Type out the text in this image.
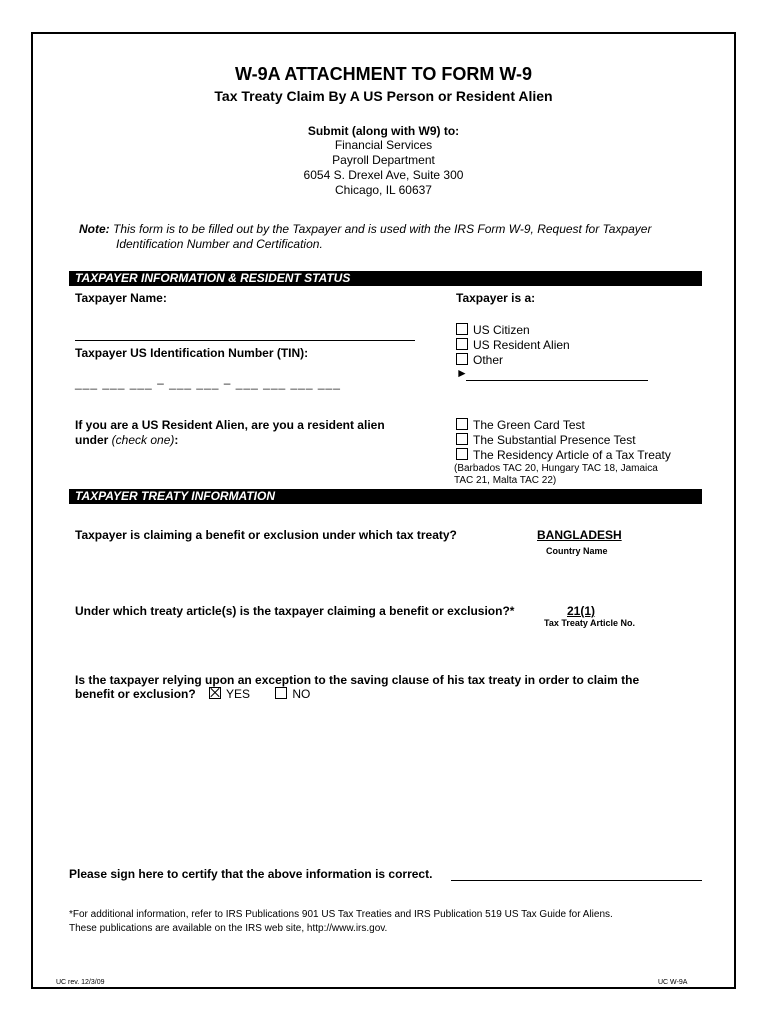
W-9A ATTACHMENT TO FORM W-9
Tax Treaty Claim By A US Person or Resident Alien
Submit (along with W9) to:
Financial Services
Payroll Department
6054 S. Drexel Ave, Suite 300
Chicago, IL 60637
Note: This form is to be filled out by the Taxpayer and is used with the IRS Form W-9, Request for Taxpayer
Identification Number and Certification.
TAXPAYER INFORMATION & RESIDENT STATUS
Taxpayer Name:	Taxpayer is a:
US Citizen
US Resident Alien
Other
►
Taxpayer US Identification Number (TIN):
___ ___ ___ – ___ ___ – ___ ___ ___ ___
If you are a US Resident Alien, are you a resident alien
under (check one):
The Green Card Test
The Substantial Presence Test
The Residency Article of a Tax Treaty
(Barbados TAC 20, Hungary TAC 18, Jamaica
TAC 21, Malta TAC 22)
TAXPAYER TREATY INFORMATION
Taxpayer is claiming a benefit or exclusion under which tax treaty?	BANGLADESH
Country Name
Under which treaty article(s) is the taxpayer claiming a benefit or exclusion?*	21(1)
Tax Treaty Article No.
Is the taxpayer relying upon an exception to the saving clause of his tax treaty in order to claim the
benefit or exclusion?	YES	NO
Please sign here to certify that the above information is correct.
*For additional information, refer to IRS Publications 901 US Tax Treaties and IRS Publication 519 US Tax Guide for Aliens.
These publications are available on the IRS web site, http://www.irs.gov.
UC rev. 12/3/09	UC W-9A
